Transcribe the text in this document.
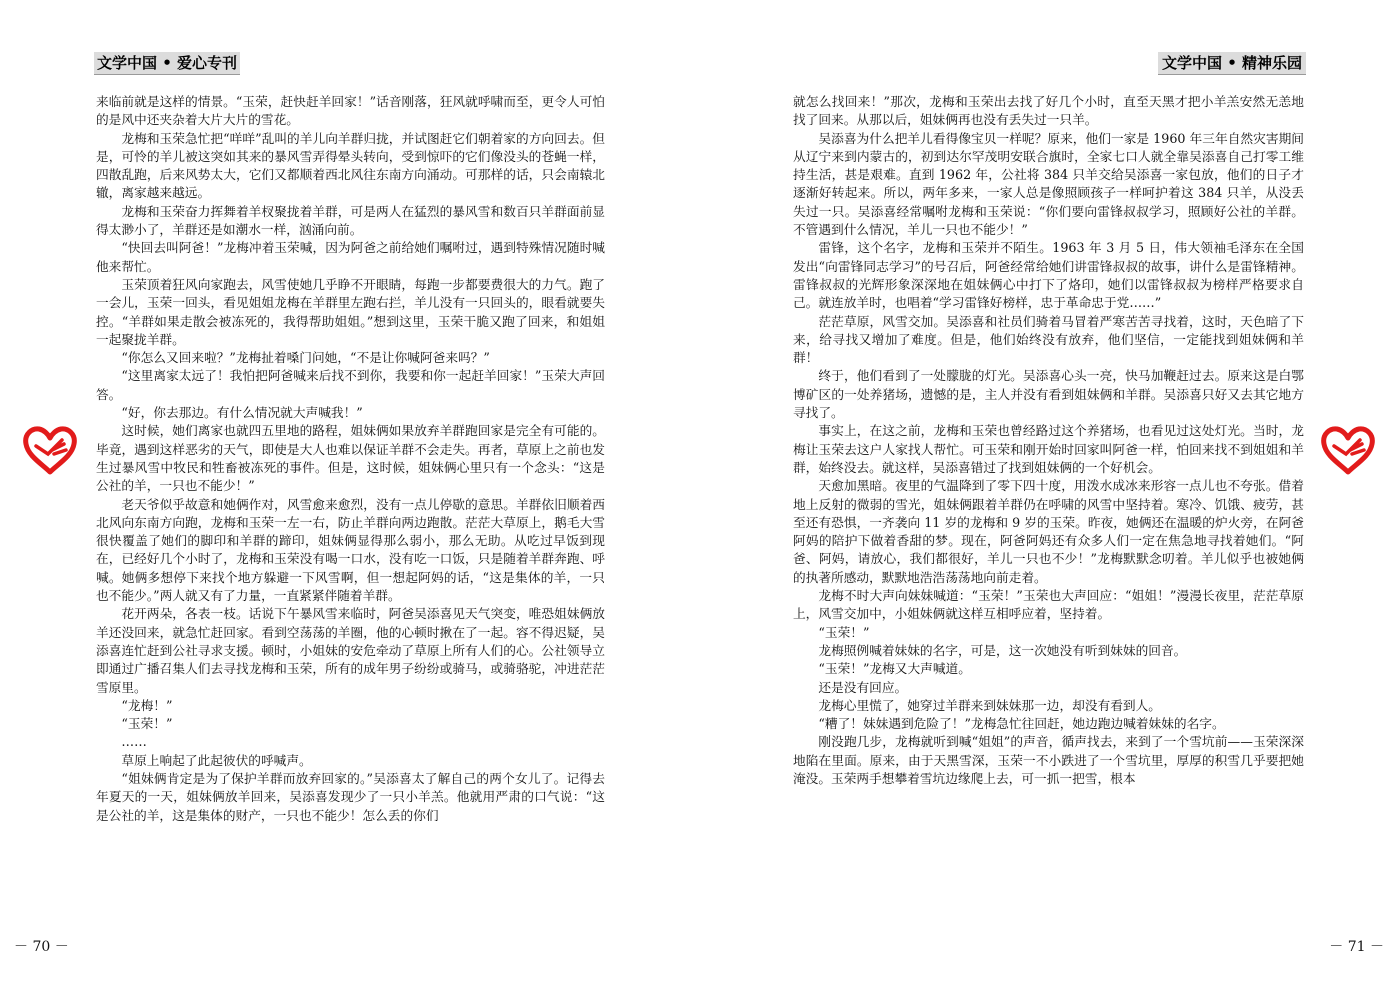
文学中国 • 爱心专刊

来临前就是这样的情景。“玉荣，赶快赶羊回家！”话音刚落，狂风就呼啸而至，更令人可怕的是风中还夹杂着大片大片的雪花。

龙梅和玉荣急忙把“咩咩”乱叫的羊儿向羊群归拢，并试图赶它们朝着家的方向回去。但是，可怜的羊儿被这突如其来的暴风雪弄得晕头转向，受到惊吓的它们像没头的苍蝇一样，四散乱跑，后来风势太大，它们又都顺着西北风往东南方向涌动。可那样的话，只会南辕北辙，离家越来越远。

龙梅和玉荣奋力挥舞着羊杈聚拢着羊群，可是两人在猛烈的暴风雪和数百只羊群面前显得太渺小了，羊群还是如潮水一样，汹涌向前。

“快回去叫阿爸！”龙梅冲着玉荣喊，因为阿爸之前给她们嘱咐过，遇到特殊情况随时喊他来帮忙。

玉荣顶着狂风向家跑去，风雪使她几乎睁不开眼睛，每跑一步都要费很大的力气。跑了一会儿，玉荣一回头，看见姐姐龙梅在羊群里左跑右拦，羊儿没有一只回头的，眼看就要失控。“羊群如果走散会被冻死的，我得帮助姐姐。”想到这里，玉荣干脆又跑了回来，和姐姐一起聚拢羊群。

“你怎么又回来啦？”龙梅扯着嗓门问她，“不是让你喊阿爸来吗？”

“这里离家太远了！我怕把阿爸喊来后找不到你，我要和你一起赶羊回家！”玉荣大声回答。

“好，你去那边。有什么情况就大声喊我！”

这时候，她们离家也就四五里地的路程，姐妹俩如果放弃羊群跑回家是完全有可能的。毕竟，遇到这样恶劣的天气，即使是大人也难以保证羊群不会走失。再者，草原上之前也发生过暴风雪中牧民和牲畜被冻死的事件。但是，这时候，姐妹俩心里只有一个念头：“这是公社的羊，一只也不能少！”

老天爷似乎故意和她俩作对，风雪愈来愈烈，没有一点儿停歇的意思。羊群依旧顺着西北风向东南方向跑，龙梅和玉荣一左一右，防止羊群向两边跑散。茫茫大草原上，鹅毛大雪很快覆盖了她们的脚印和羊群的蹄印，姐妹俩显得那么弱小，那么无助。从吃过早饭到现在，已经好几个小时了，龙梅和玉荣没有喝一口水，没有吃一口饭，只是随着羊群奔跑、呼喊。她俩多想停下来找个地方躲避一下风雪啊，但一想起阿妈的话，“这是集体的羊，一只也不能少。”两人就又有了力量，一直紧紧伴随着羊群。

花开两朵，各表一枝。话说下午暴风雪来临时，阿爸吴添喜见天气突变，唯恐姐妹俩放羊还没回来，就急忙赶回家。看到空荡荡的羊圈，他的心顿时揪在了一起。容不得迟疑，吴添喜连忙赶到公社寻求支援。顿时，小姐妹的安危牵动了草原上所有人们的心。公社领导立即通过广播召集人们去寻找龙梅和玉荣，所有的成年男子纷纷或骑马，或骑骆驼，冲进茫茫雪原里。

“龙梅！”

“玉荣！”

……

草原上响起了此起彼伏的呼喊声。

“姐妹俩肯定是为了保护羊群而放弃回家的。”吴添喜太了解自己的两个女儿了。记得去年夏天的一天，姐妹俩放羊回来，吴添喜发现少了一只小羊羔。他就用严肃的口气说：“这是公社的羊，这是集体的财产，一只也不能少！怎么丢的你们

－ 70 －
文学中国 • 精神乐园

就怎么找回来！”那次，龙梅和玉荣出去找了好几个小时，直至天黑才把小羊羔安然无恙地找了回来。从那以后，姐妹俩再也没有丢失过一只羊。

吴添喜为什么把羊儿看得像宝贝一样呢？原来，他们一家是 1960 年三年自然灾害期间从辽宁来到内蒙古的，初到达尔罕茂明安联合旗时，全家七口人就全靠吴添喜自己打零工维持生活，甚是艰难。直到 1962 年，公社将 384 只羊交给吴添喜一家包放，他们的日子才逐渐好转起来。所以，两年多来，一家人总是像照顾孩子一样呵护着这 384 只羊，从没丢失过一只。吴添喜经常嘱咐龙梅和玉荣说：“你们要向雷锋叔叔学习，照顾好公社的羊群。不管遇到什么情况，羊儿一只也不能少！”

雷锋，这个名字，龙梅和玉荣并不陌生。1963 年 3 月 5 日，伟大领袖毛泽东在全国发出“向雷锋同志学习”的号召后，阿爸经常给她们讲雷锋叔叔的故事，讲什么是雷锋精神。雷锋叔叔的光辉形象深深地在姐妹俩心中打下了烙印，她们以雷锋叔叔为榜样严格要求自己。就连放羊时，也唱着“学习雷锋好榜样，忠于革命忠于党……”

茫茫草原，风雪交加。吴添喜和社员们骑着马冒着严寒苦苦寻找着，这时，天色暗了下来，给寻找又增加了难度。但是，他们始终没有放弃，他们坚信，一定能找到姐妹俩和羊群！

终于，他们看到了一处朦胧的灯光。吴添喜心头一亮，快马加鞭赶过去。原来这是白鄂博矿区的一处养猪场，遗憾的是，主人并没有看到姐妹俩和羊群。吴添喜只好又去其它地方寻找了。

事实上，在这之前，龙梅和玉荣也曾经路过这个养猪场，也看见过这处灯光。当时，龙梅让玉荣去这户人家找人帮忙。可玉荣和刚开始时回家叫阿爸一样，怕回来找不到姐姐和羊群，始终没去。就这样，吴添喜错过了找到姐妹俩的一个好机会。

天愈加黑暗。夜里的气温降到了零下四十度，用泼水成冰来形容一点儿也不夸张。借着地上反射的微弱的雪光，姐妹俩跟着羊群仍在呼啸的风雪中坚持着。寒冷、饥饿、疲劳，甚至还有恐惧，一齐袭向 11 岁的龙梅和 9 岁的玉荣。昨夜，她俩还在温暖的炉火旁，在阿爸阿妈的陪护下做着香甜的梦。现在，阿爸阿妈还有众多人们一定在焦急地寻找着她们。“阿爸、阿妈，请放心，我们都很好，羊儿一只也不少！”龙梅默默念叨着。羊儿似乎也被她俩的执著所感动，默默地浩浩荡荡地向前走着。

龙梅不时大声向妹妹喊道：“玉荣！”玉荣也大声回应：“姐姐！”漫漫长夜里，茫茫草原上，风雪交加中，小姐妹俩就这样互相呼应着，坚持着。

“玉荣！”

龙梅照例喊着妹妹的名字，可是，这一次她没有听到妹妹的回音。

“玉荣！”龙梅又大声喊道。

还是没有回应。

龙梅心里慌了，她穿过羊群来到妹妹那一边，却没有看到人。

“糟了！妹妹遇到危险了！”龙梅急忙往回赶，她边跑边喊着妹妹的名字。

刚没跑几步，龙梅就听到喊“姐姐”的声音，循声找去，来到了一个雪坑前——玉荣深深地陷在里面。原来，由于天黑雪深，玉荣一不小跌进了一个雪坑里，厚厚的积雪几乎要把她淹没。玉荣两手想攀着雪坑边缘爬上去，可一抓一把雪，根本

－ 71 －
